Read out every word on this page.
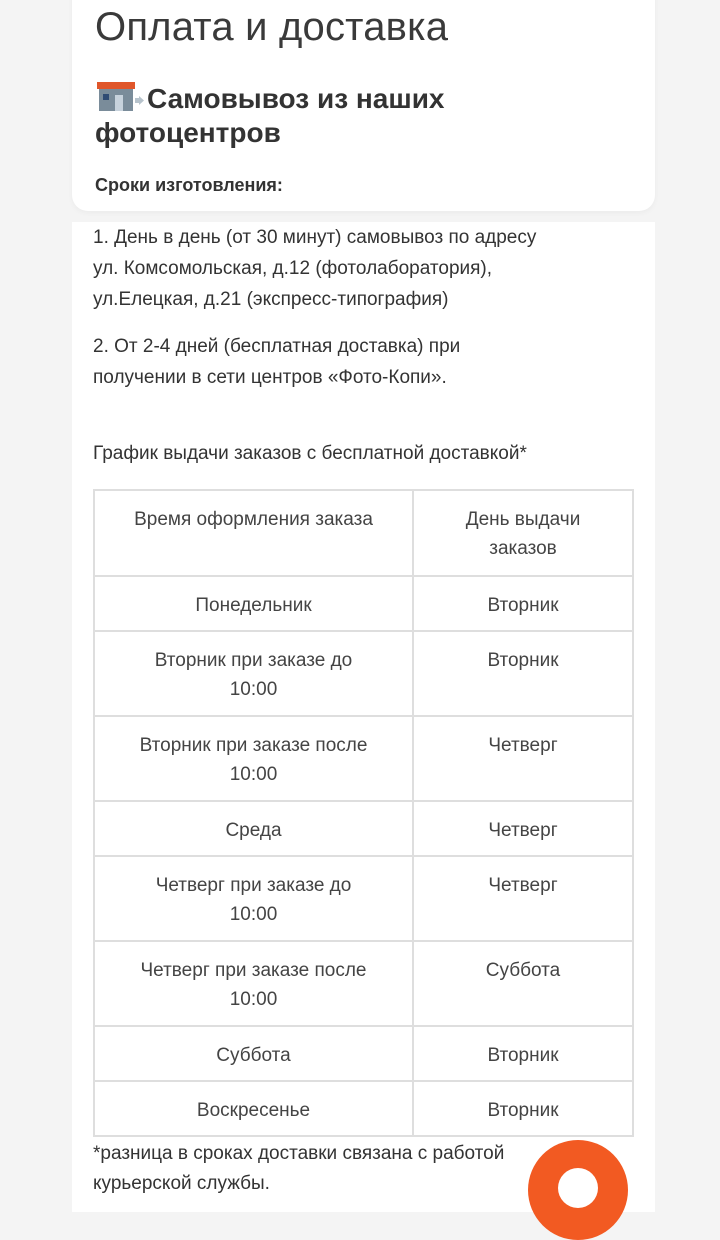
Оплата и доставка
Самовывоз из наших фотоцентров
Сроки изготовления:
1. День в день (от 30 минут) самовывоз по адресу
ул. Комсомольская, д.12 (фотолаборатория),
ул.Елецкая, д.21 (экспресс-типография)
2. От 2-4 дней (бесплатная доставка) при
получении в сети центров «Фото-Копи».
График выдачи заказов с бесплатной доставкой*
Время оформления заказа	День выдачи
заказов

Понедельник	Вторник

Вторник при заказе до
10:00	Вторник

Вторник при заказе после
10:00	Четверг

Среда	Четверг

Четверг при заказе до
10:00	Четверг

Четверг при заказе после
10:00	Суббота

Суббота	Вторник

Воскресенье	Вторник
*разница в сроках доставки связана с работой
курьерской службы.
